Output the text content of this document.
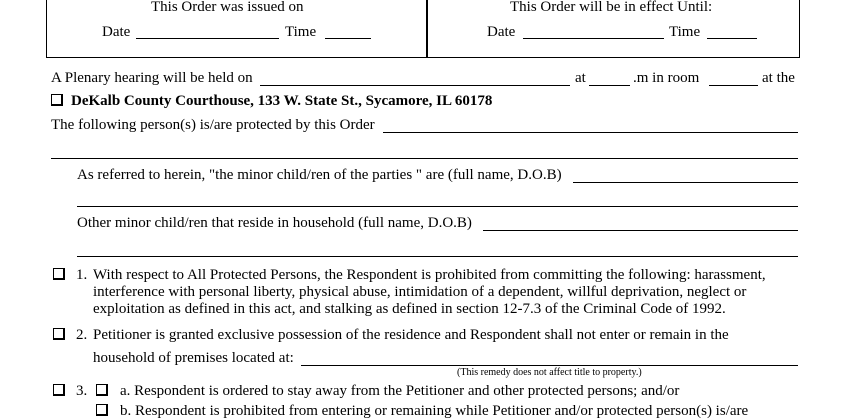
This Order was issued on
Date	Time
This Order will be in effect Until:
Date	Time
A Plenary hearing will be held on	at	.m in room	at the
DeKalb County Courthouse, 133 W. State St., Sycamore, IL 60178
The following person(s) is/are protected by this Order
As referred to herein, "the minor child/ren of the parties " are (full name, D.O.B)
Other minor child/ren that reside in household (full name, D.O.B)
1. With respect to All Protected Persons, the Respondent is prohibited from committing the following: harassment,
interference with personal liberty, physical abuse, intimidation of a dependent, willful deprivation, neglect or
exploitation as defined in this act, and stalking as defined in section 12-7.3 of the Criminal Code of 1992.
2. Petitioner is granted exclusive possession of the residence and Respondent shall not enter or remain in the
household of premises located at:
(This remedy does not affect title to property.)
3. a. Respondent is ordered to stay away from the Petitioner and other protected persons; and/or
b. Respondent is prohibited from entering or remaining while Petitioner and/or protected person(s) is/are
